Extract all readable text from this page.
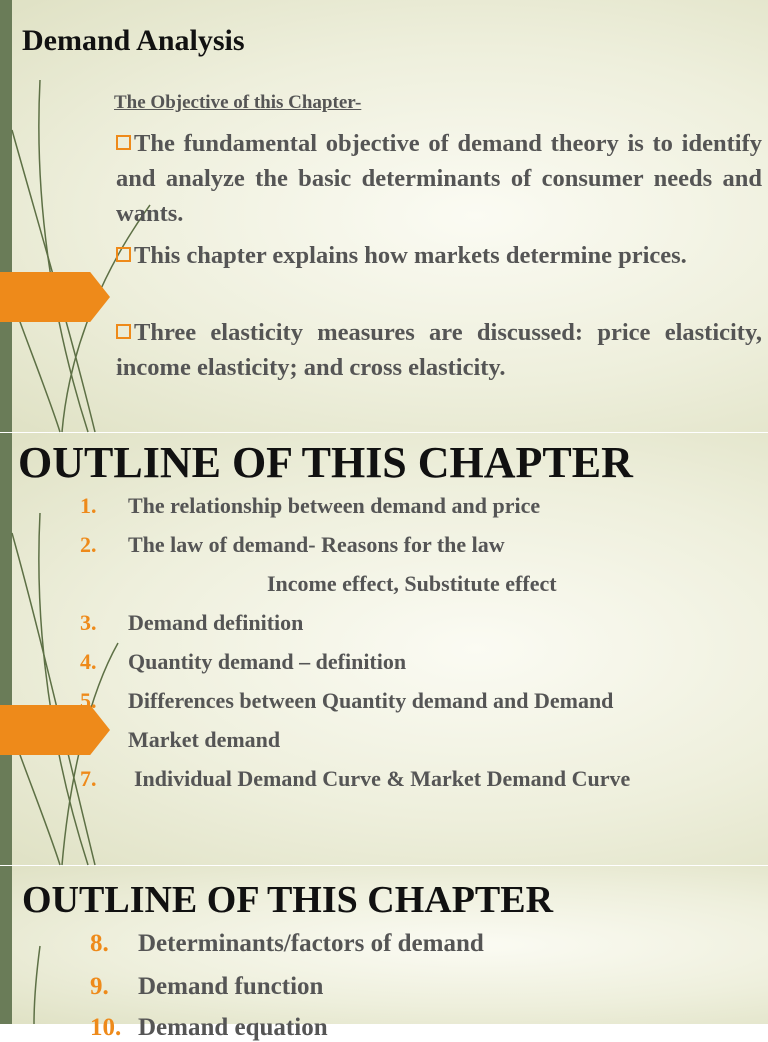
Demand Analysis
The Objective of this Chapter-
The fundamental objective of demand theory is to identify and analyze the basic determinants of consumer needs and wants.
This chapter explains how markets determine prices.
Three elasticity measures are discussed: price elasticity, income elasticity; and cross elasticity.
OUTLINE OF THIS CHAPTER
1. The relationship between demand and price
2. The law of demand- Reasons for the law
Income effect, Substitute effect
3. Demand definition
4. Quantity demand – definition
5. Differences between Quantity demand and Demand
6. Market demand
7. Individual Demand Curve & Market Demand Curve
OUTLINE OF THIS CHAPTER
8. Determinants/factors of demand
9. Demand function
10. Demand equation
